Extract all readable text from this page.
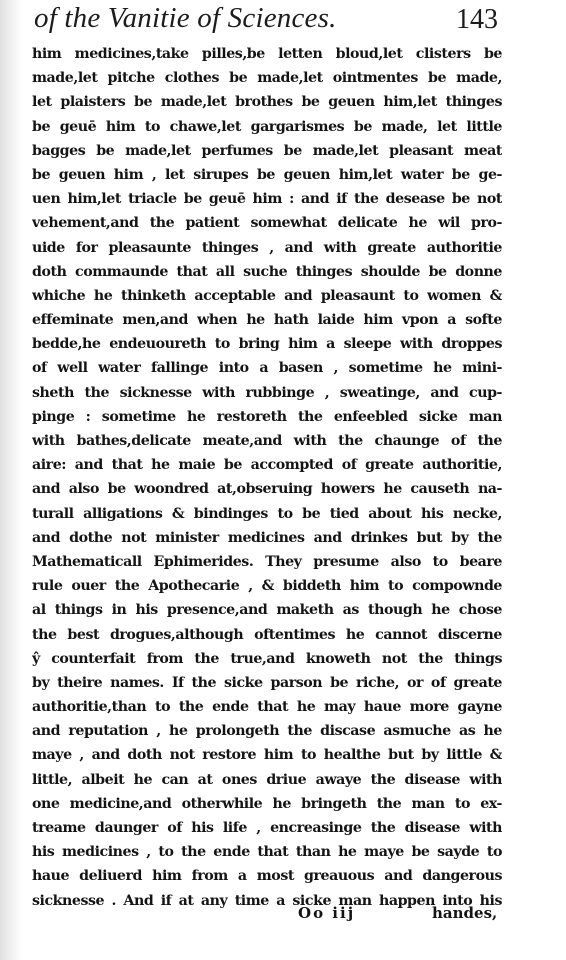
of the Vanitie of Sciences.	143
him medicines,take pilles,be letten bloud,let clisters be
made,let pitche clothes be made,let ointmentes be made,
let plaisters be made,let brothes be geuen him,let thinges
be geuē him to chawe,let gargarismes be made, let little
bagges be made,let perfumes be made,let pleasant meat
be geuen him , let sirupes be geuen him,let water be ge-
uen him,let triacle be geuē him : and if the desease be not
vehement,and the patient somewhat delicate he wil pro-
uide for pleasaunte thinges , and with greate authoritie
doth commaunde that all suche thinges shoulde be donne
whiche he thinketh acceptable and pleasaunt to women &
effeminate men,and when he hath laide him vpon a softe
bedde,he endeuoureth to bring him a sleepe with droppes
of well water fallinge into a basen , sometime he mini-
sheth the sicknesse with rubbinge , sweatinge, and cup-
pinge : sometime he restoreth the enfeebled sicke man
with bathes,delicate meate,and with the chaunge of the
aire: and that he maie be accompted of greate authoritie,
and also be woondred at,obseruing howers he causeth na-
turall alligations & bindinges to be tied about his necke,
and dothe not minister medicines and drinkes but by the
Mathematicall Ephimerides. They presume also to beare
rule ouer the Apothecarie , & biddeth him to compownde
al things in his presence,and maketh as though he chose
the best drogues,although oftentimes he cannot discerne
ŷ counterfait from the true,and knoweth not the things
by theire names. If the sicke parson be riche, or of greate
authoritie,than to the ende that he may haue more gayne
and reputation , he prolongeth the discase asmuche as he
maye , and doth not restore him to healthe but by little &
little, albeit he can at ones driue awaye the disease with
one medicine,and otherwhile he bringeth the man to ex-
treame daunger of his life , encreasinge the disease with
his medicines , to the ende that than he maye be sayde to
haue deliuerd him from a most greauous and dangerous
sicknesse . And if at any time a sicke man happen into his
Oo iij	handes,
